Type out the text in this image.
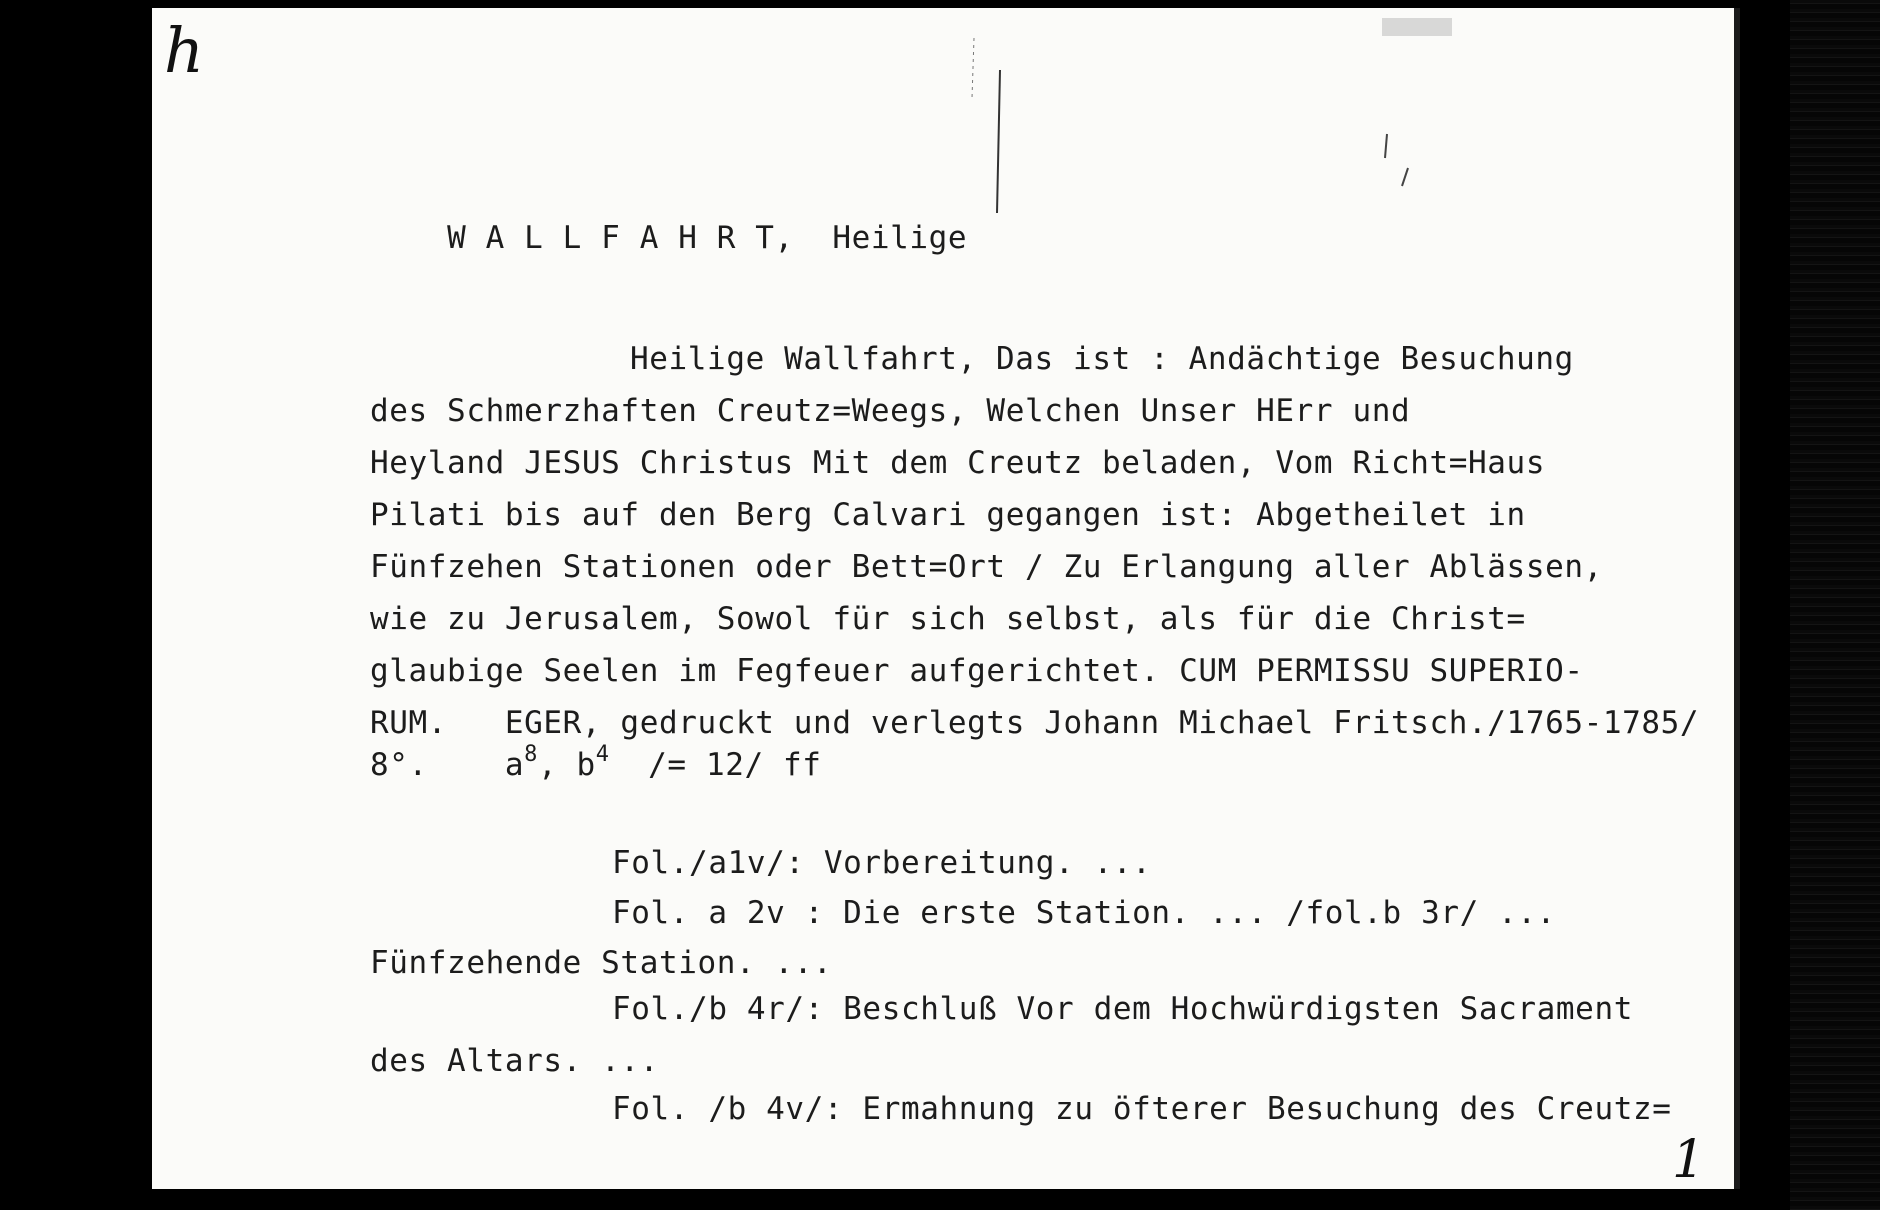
h

W A L L F A H R T, Heilige

Heilige Wallfahrt, Das ist : Andächtige Besuchung
des Schmerzhaften Creutz=Weegs, Welchen Unser HErr und
Heyland JESUS Christus Mit dem Creutz beladen, Vom Richt=Haus
Pilati bis auf den Berg Calvari gegangen ist: Abgetheilet in
Fünfzehen Stationen oder Bett=Ort / Zu Erlangung aller Ablässen,
wie zu Jerusalem, Sowol für sich selbst, als für die Christ=
glaubige Seelen im Fegfeuer aufgerichtet. CUM PERMISSU SUPERIO-
RUM.   EGER, gedruckt und verlegts Johann Michael Fritsch./1765-1785/
8°. $a^8$, $b^4 /= 12/$ ff
Fol./a1v/: Vorbereitung. ...
Fol. a 2v : Die erste Station. ... /fol.b 3r/ ...
Fünfzehende Station. ...
Fol./b 4r/: Beschluß Vor dem Hochwürdigsten Sacrament
des Altars. ...
Fol. /b 4v/: Ermahnung zu öfterer Besuchung des Creutz=
1
